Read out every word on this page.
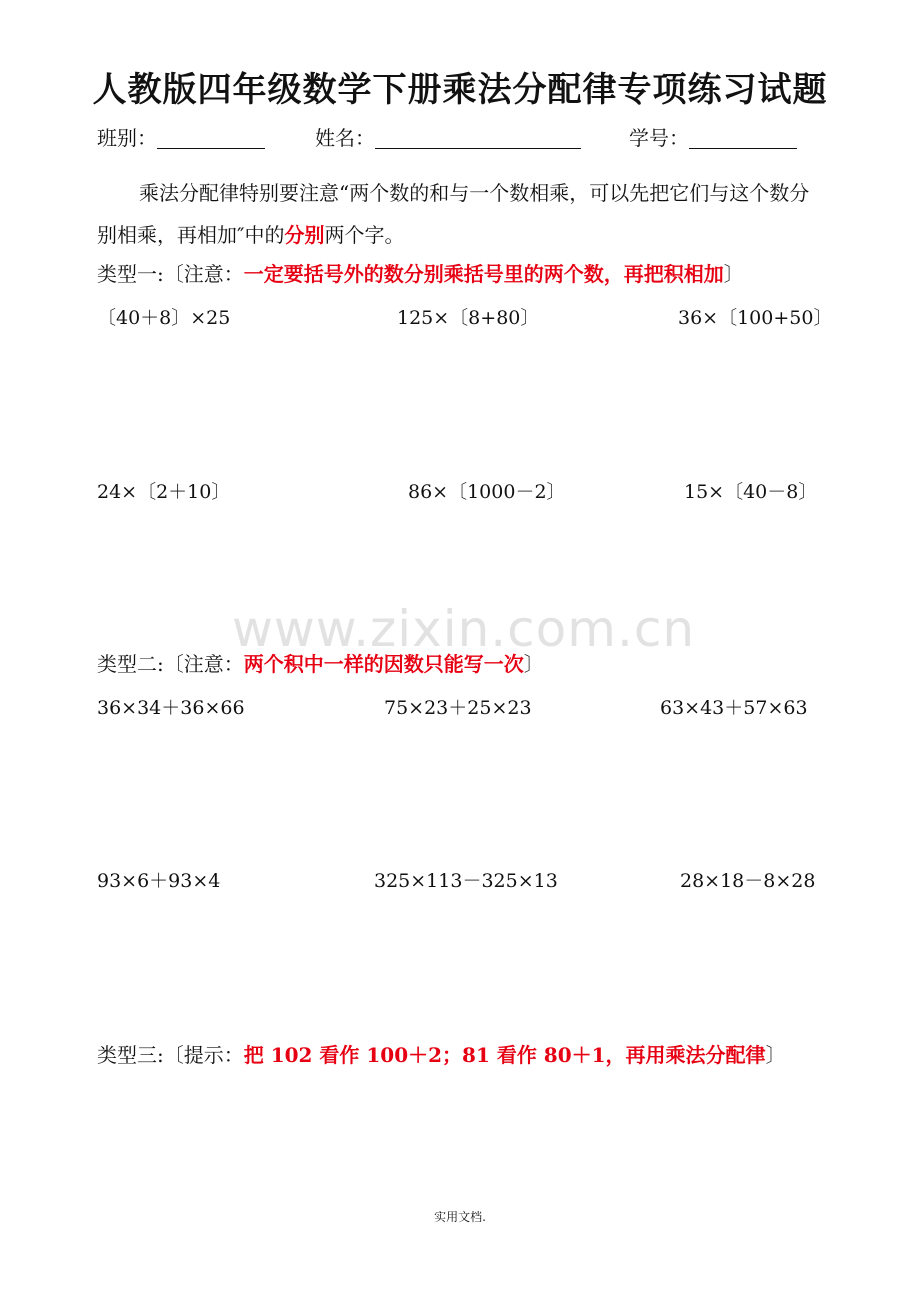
人教版四年级数学下册乘法分配律专项练习试题
班别：	姓名：	学号：
乘法分配律特别要注意“两个数的和与一个数相乘，可以先把它们与这个数分别相乘，再相加″中的分别两个字。
类型一:〔注意：一定要括号外的数分别乘括号里的两个数，再把积相加〕
〔40＋8〕×25	125×〔8+80〕	36×〔100+50〕
24×〔2＋10〕	86×〔1000－2〕	15×〔40－8〕
www.zixin.com.cn
类型二:〔注意：两个积中一样的因数只能写一次〕
36×34＋36×66	75×23＋25×23	63×43＋57×63
93×6＋93×4	325×113－325×13	28×18－8×28
类型三:〔提示：把 102 看作 100＋2；81 看作 80＋1，再用乘法分配律〕
实用文档.
